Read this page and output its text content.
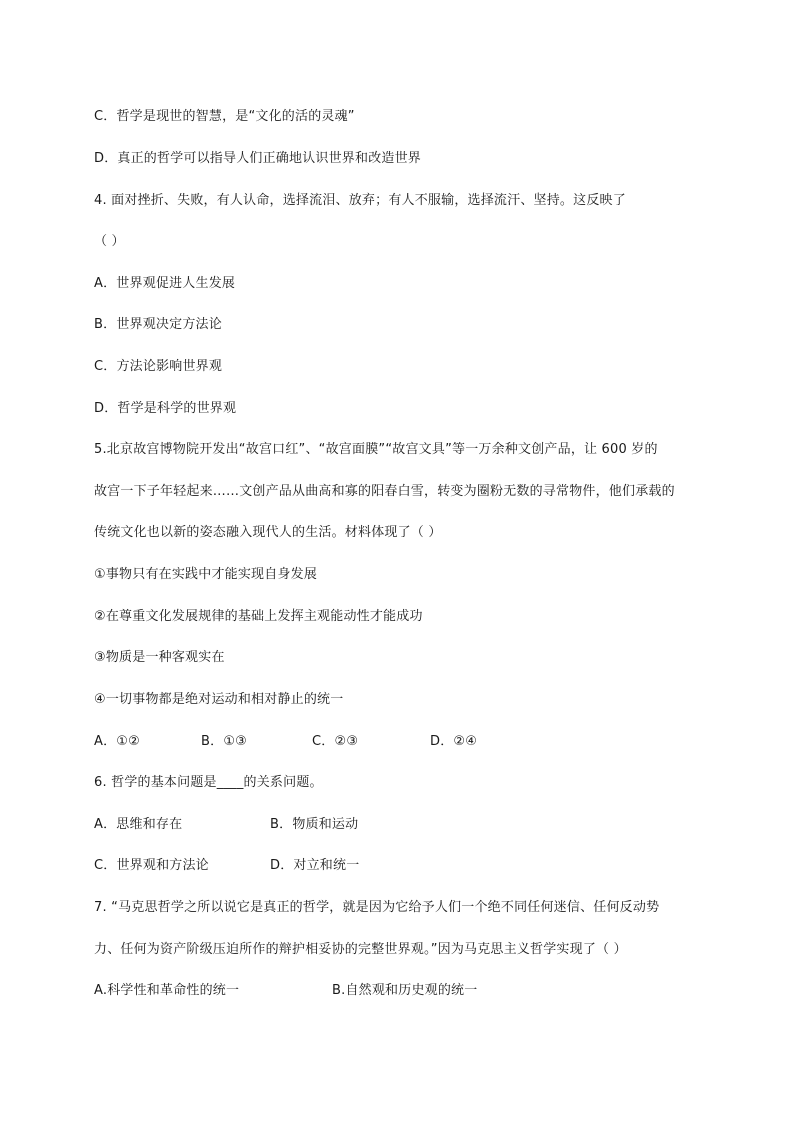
C．哲学是现世的智慧，是“文化的活的灵魂”
D．真正的哲学可以指导人们正确地认识世界和改造世界
4. 面对挫折、失败，有人认命，选择流泪、放弃；有人不服输，选择流汗、坚持。这反映了
（ ）
A．世界观促进人生发展
B．世界观决定方法论
C．方法论影响世界观
D．哲学是科学的世界观
5.北京故宫博物院开发出“故宫口红”、“故宫面膜”“故宫文具”等一万余种文创产品，让 600 岁的
故宫一下子年轻起来……文创产品从曲高和寡的阳春白雪，转变为圈粉无数的寻常物件，他们承载的
传统文化也以新的姿态融入现代人的生活。材料体现了（ ）
①事物只有在实践中才能实现自身发展
②在尊重文化发展规律的基础上发挥主观能动性才能成功
③物质是一种客观实在
④一切事物都是绝对运动和相对静止的统一
A．①②	B．①③	C．②③	D．②④
6. 哲学的基本问题是____的关系问题。
A．思维和存在	B．物质和运动
C．世界观和方法论	D．对立和统一
7. “马克思哲学之所以说它是真正的哲学，就是因为它给予人们一个绝不同任何迷信、任何反动势
力、任何为资产阶级压迫所作的辩护相妥协的完整世界观。”因为马克思主义哲学实现了（ ）
A.科学性和革命性的统一	B.自然观和历史观的统一
